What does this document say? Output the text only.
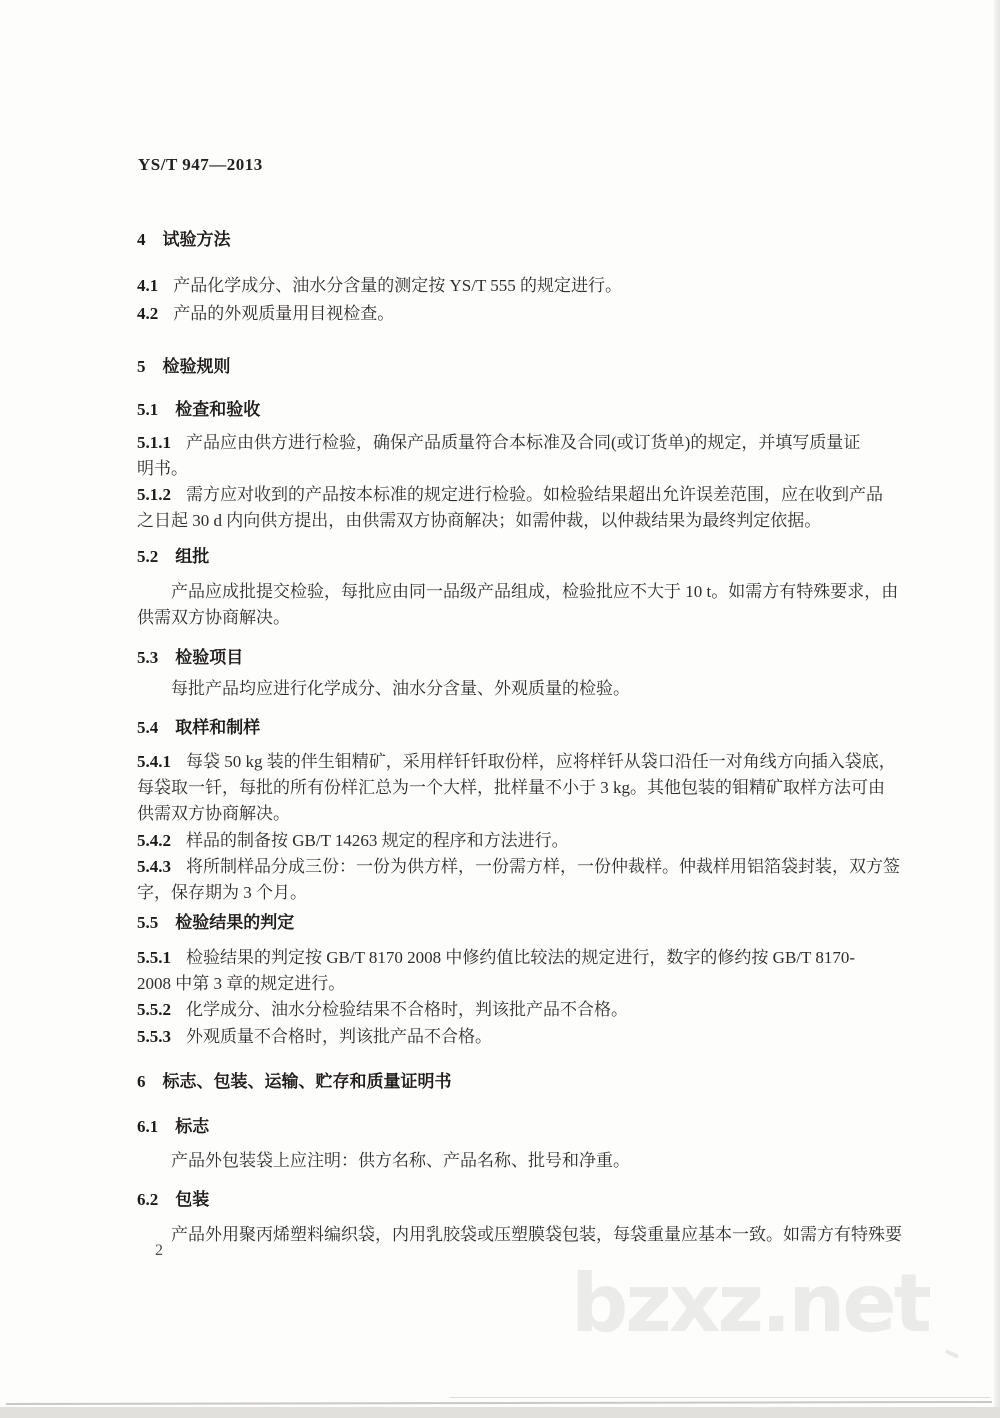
YS/T 947—2013
4 试验方法
4.1 产品化学成分、油水分含量的测定按 YS/T 555 的规定进行。
4.2 产品的外观质量用目视检查。
5 检验规则
5.1 检查和验收
5.1.1 产品应由供方进行检验，确保产品质量符合本标准及合同(或订货单)的规定，并填写质量证
明书。
5.1.2 需方应对收到的产品按本标准的规定进行检验。如检验结果超出允许误差范围，应在收到产品
之日起 30 d 内向供方提出，由供需双方协商解决；如需仲裁，以仲裁结果为最终判定依据。
5.2 组批
产品应成批提交检验，每批应由同一品级产品组成，检验批应不大于 10 t。如需方有特殊要求，由
供需双方协商解决。
5.3 检验项目
每批产品均应进行化学成分、油水分含量、外观质量的检验。
5.4 取样和制样
5.4.1 每袋 50 kg 装的伴生钼精矿，采用样钎钎取份样，应将样钎从袋口沿任一对角线方向插入袋底，
每袋取一钎，每批的所有份样汇总为一个大样，批样量不小于 3 kg。其他包装的钼精矿取样方法可由
供需双方协商解决。
5.4.2 样品的制备按 GB/T 14263 规定的程序和方法进行。
5.4.3 将所制样品分成三份：一份为供方样，一份需方样，一份仲裁样。仲裁样用铝箔袋封装，双方签
字，保存期为 3 个月。
5.5 检验结果的判定
5.5.1 检验结果的判定按 GB/T 8170 2008 中修约值比较法的规定进行，数字的修约按 GB/T 8170-
2008 中第 3 章的规定进行。
5.5.2 化学成分、油水分检验结果不合格时，判该批产品不合格。
5.5.3 外观质量不合格时，判该批产品不合格。
6 标志、包装、运输、贮存和质量证明书
6.1 标志
产品外包装袋上应注明：供方名称、产品名称、批号和净重。
6.2 包装
产品外用聚丙烯塑料编织袋，内用乳胶袋或压塑膜袋包装，每袋重量应基本一致。如需方有特殊要
2
bzxz.net
